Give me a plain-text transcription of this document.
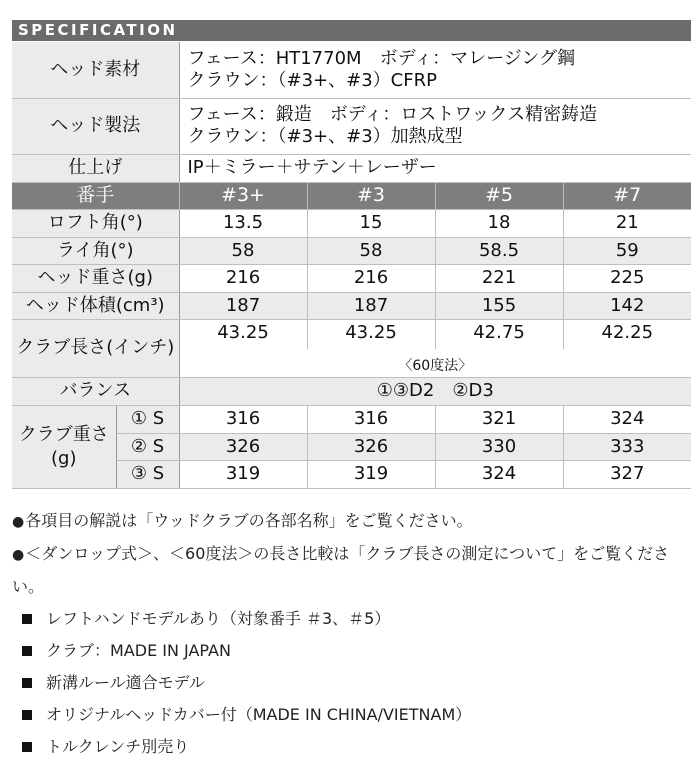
SPECIFICATION
ヘッド素材		フェース：HT1770M　ボディ：マレージング鋼
クラウン：（#3+、#3）CFRP			

ヘッド製法		フェース：鍛造　ボディ：ロストワックス精密鋳造
クラウン：（#3+、#3）加熱成型			

仕上げ		IP＋ミラー＋サテン＋レーザー			
番手		#3+	#3	#5	#7
ロフト角(°)		13.5	15	18	21
ライ角(°)		58	58	58.5	59
ヘッド重さ(g)		216	216	221	225
ヘッド体積(cm³)		187	187	155	142
クラブ長さ(インチ)		43.25	43.25	42.75	42.25
		〈60度法〉			
バランス		①③D2　②D3			

クラブ重さ
(g)	① S	316	316	321	324
	② S	326	326	330	333
	③ S	319	319	324	327

●各項目の解説は「ウッドクラブの各部名称」をご覧ください。

●＜ダンロップ式＞、＜60度法＞の長さ比較は「クラブ長さの測定について」をご覧ください。

レフトハンドモデルあり（対象番手 ＃3、＃5）
クラブ：MADE IN JAPAN
新溝ルール適合モデル
オリジナルヘッドカバー付（MADE IN CHINA/VIETNAM）
トルクレンチ別売り
